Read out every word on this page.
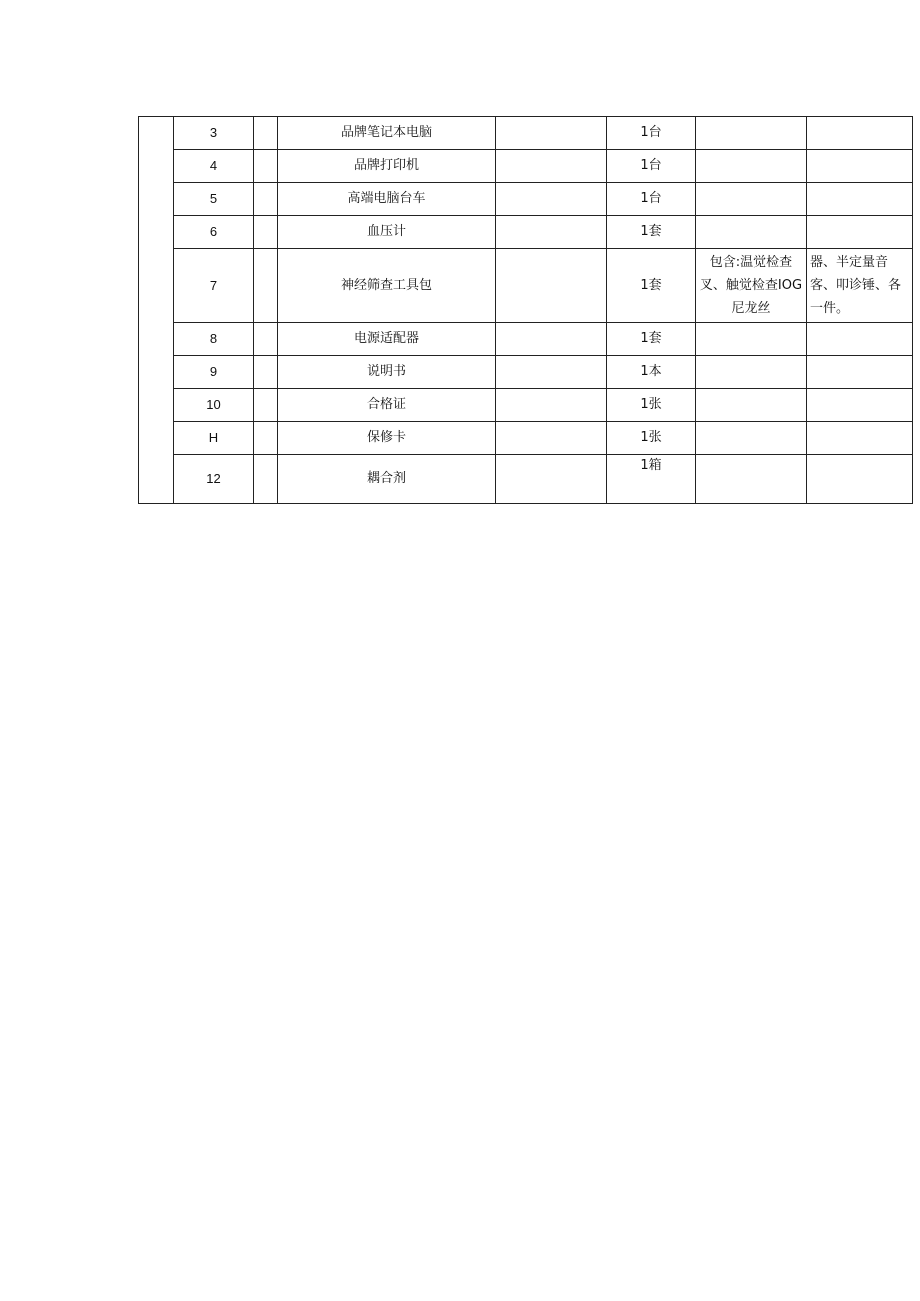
	3		品牌笔记本电脑		1台		
	4		品牌打印机		1台		
	5		高端电脑台车		1台		
	6		血压计		1套		
	7		神经筛查工具包		1套	包含:温觉检查叉、触觉检查IOG尼龙丝	器、半定量音客、叩诊锤、各一件。
	8		电源适配器		1套		
	9		说明书		1本		
	10		合格证		1张		
	H		保修卡		1张		
	12		耦合剂		1箱		
